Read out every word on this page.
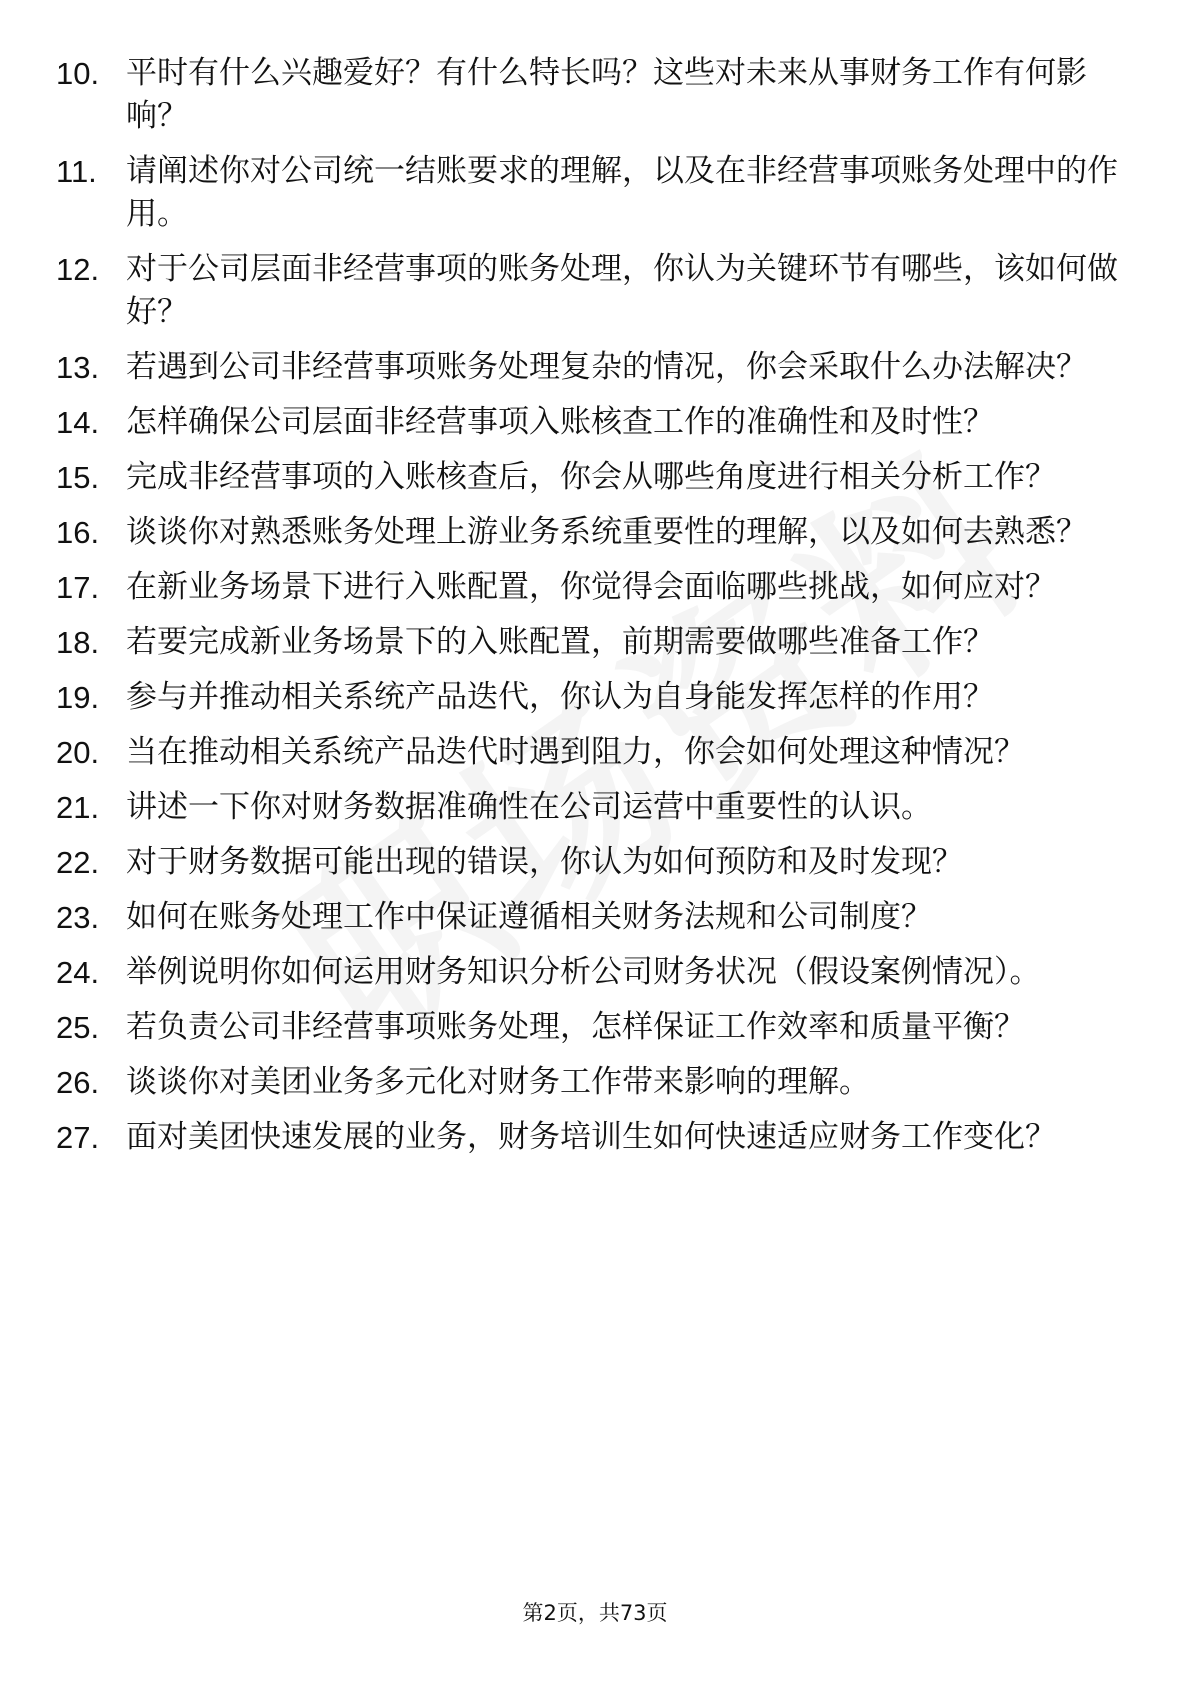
10. 平时有什么兴趣爱好？有什么特长吗？这些对未来从事财务工作有何影响？
11. 请阐述你对公司统一结账要求的理解，以及在非经营事项账务处理中的作用。
12. 对于公司层面非经营事项的账务处理，你认为关键环节有哪些，该如何做好？
13. 若遇到公司非经营事项账务处理复杂的情况，你会采取什么办法解决？
14. 怎样确保公司层面非经营事项入账核查工作的准确性和及时性？
15. 完成非经营事项的入账核查后，你会从哪些角度进行相关分析工作？
16. 谈谈你对熟悉账务处理上游业务系统重要性的理解，以及如何去熟悉？
17. 在新业务场景下进行入账配置，你觉得会面临哪些挑战，如何应对？
18. 若要完成新业务场景下的入账配置，前期需要做哪些准备工作？
19. 参与并推动相关系统产品迭代，你认为自身能发挥怎样的作用？
20. 当在推动相关系统产品迭代时遇到阻力，你会如何处理这种情况？
21. 讲述一下你对财务数据准确性在公司运营中重要性的认识。
22. 对于财务数据可能出现的错误，你认为如何预防和及时发现？
23. 如何在账务处理工作中保证遵循相关财务法规和公司制度？
24. 举例说明你如何运用财务知识分析公司财务状况（假设案例情况）。
25. 若负责公司非经营事项账务处理，怎样保证工作效率和质量平衡？
26. 谈谈你对美团业务多元化对财务工作带来影响的理解。
27. 面对美团快速发展的业务，财务培训生如何快速适应财务工作变化？
第2页，共73页
